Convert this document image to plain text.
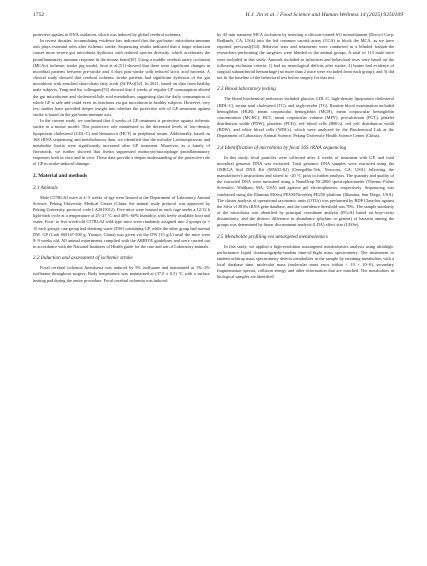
1752	H.J. Jin et al. / Food Science and Human Wellness 14 (2025) 9250109

protective against to DNA oxidation, which was induced by global cerebral ischemia.

In recent decades, accumulating evidence has indicated that the gut-brain- microbiota-immune axis plays essential roles after ischemic stroke. Sequencing results indicated that a larger infarction causes more severe gut microbiota dysbiosis with reduced species diversity, which accelerates the proinflammatory immune response in the mouse brain[50]. Using a middle cerebral artery occlusion (MCAo) ischemic stroke pig model, Jeon et al.[51] showed that there were significant changes in microbial patterns between pre-stroke and 3 days post-stroke with reduced lactic acid bacteria. A clinical study showed that cerebral ischemic stroke patients had significant dysbiosis of the gut microbiota with enriched short-chain fatty acids (SCFAs)[52]. In 2021, based on data from healthy male subjects, Yang and his colleagues[53] showed that 4 weeks of regular GP consumption altered the gut microbiome and cholesterol/bile acid metabolism, suggesting that the daily consumption of whole GP is safe and could exert its functions via gut microbiota in healthy subjects. However, very few studies have provided deeper insight into whether the protective role of GP treatment against stroke is based on the gut-brain-immune axis.

In the current study, we confirmed that 4 weeks of GP treatment is protective against ischemic stroke in a mouse model. This protective role manifested in the decreased levels of low-density lipoprotein cholesterol (LDL-C) and hematocrit (HCT) in peripheral serum. Additionally, based on 16S rRNA sequencing and metabolomics data, we identified that the microbe Lachnospiraceae and metabolite fisetin were significantly increased after GP treatment. Moreover, as a family of flavonoids, we further showed that fisetin suppressed monocyte/macrophage proinflammatory responses both in vitro and in vivo. These data provide a deeper understanding of the protective role of GP in stroke-induced damage.

2. Material and methods
2.1 Animals

Male C57BL/6J mice at 4−5 weeks of age were housed at the Department of Laboratory Animal Science, Peking University Medical Center (China, the animal study protocol was approved by Peking University, protocol code LA2015012). Five mice were housed in each cage under a 12/12 h light-dark cycle at a temperature of 25−27 °C and 40%−60% humidity, with freely available food and water. Four- to five-week-old C57BL/6J wild-type mice were randomly assigned into 2 groups (n = 15 each group): one group had drinking water (DW) containing GP, while the other group had normal DW. GP (Cat# S69147-500 g, Yuanye, China) was given via the DW (15 g/L) until the mice were 8−9 weeks old. All animal experiments complied with the ARRIVE guidelines and were carried out in accordance with the National Institutes of Health guide for the care and use of Laboratory animals.

2.2 Induction and assessment of ischemic stroke

Focal cerebral ischemia Anesthesia was induced by 5% isoflurane and maintained at 1%−2% isoflurane throughout surgery. Body temperature was maintained at (37.0 ± 0.5) °C with a surface heating pad during the entire procedure. Focal cerebral ischemia was induced

by 45 min transient MCA occlusion by inserting a silicone-coated 6-0 monofilament (Doccol Corp, Redlands, CA, USA) into the left common carotid artery (CCA) to block the MCA, as we have reported previously[54]. Behavior tests and treatments were conducted in a blinded fashion-the researchers performing the surgeries were blinded to the animal groups. A total of 113 male mice were included in this study. Animals included as infarction and behavioral tests were based on the following exclusion criteria: 1) had no neurological deficits after stroke; 2) brains had evidence of surgical subarachnoid hemorrhage (no more than 2 mice were excluded from each group); and 3) did not fit the baseline of the behavioral test before surgery for that test.

2.3 Blood laboratory testing

The blood biochemical indicators included glucose, LDL-C, high-density lipoprotein cholesterol (HDL-C), serum total cholesterol (TC), and triglycerides (TG). Routine blood examination included hemoglobin (HGB), mean corpuscular hemoglobin (MCH), mean corpuscular hemoglobin concentration (MCHC), HCT, mean corpuscular volume (MPV), procalcitonin (PCT), platelet distribution width (PDW), platelets (PLTs), red blood cells (RBCs), red cell distribution width (RDW), and white blood cells (WBCs), which were analyzed by the Biochemical Lab at the Department of Laboratory Animal Science, Peking University Health Science Center (China).

2.4 Identification of microbiota by fecal 16S rRNA sequencing

In this study, fecal particles were collected after 4 weeks of treatment with GP, and total microbial genomic DNA was extracted. Total genomic DNA samples were extracted using the OMEGA Soil DNA Kit (M5635-02) (OmegaBio-Tek, Norcross, GA, USA) following the manufacturer's instructions and stored at −20 °C prior to further analysis. The quantity and quality of the extracted DNA were measured using a NanoDrop NC2000 spectrophotometer (Thermo Fisher Scientific, Waltham, MA, USA) and agarose gel electrophoresis, respectively. Sequencing was conducted using the Illumina MiSeq PE300/NovaSeq PE250 platform (Illumina, San Diego, USA). The cluster analysis of operational taxonomic units (OTUs) was performed by RDP Classifier against the Silva v13816s rRNA gene database, and the confidence threshold was 70%. The sample similarity of the microbiota was identified by principal coordinate analysis (PCoA) based on bray-curtis dissimilarity, and the distinct difference in abundance (phylum to genera) of bacteria among the groups was determined by linear discriminant analysis (LDA) effect size (LEfSe).

2.5 Metabolite profiling via untargeted metabolomics

In this study, we applied a high-resolution nontargeted metabolomics analysis using ultrahigh-performance liquid chromatography-tandem time-of-flight mass spectrometry. The instrument or tandem orbitrap mass spectrometry detects metabolites in the sample by retaining metabolites with a local database time, molecular mass (molecular mass error within < 10 × 10−6), secondary fragmentation spectra, collision energy and other information that are matched. The metabolites in biological samples are identified
